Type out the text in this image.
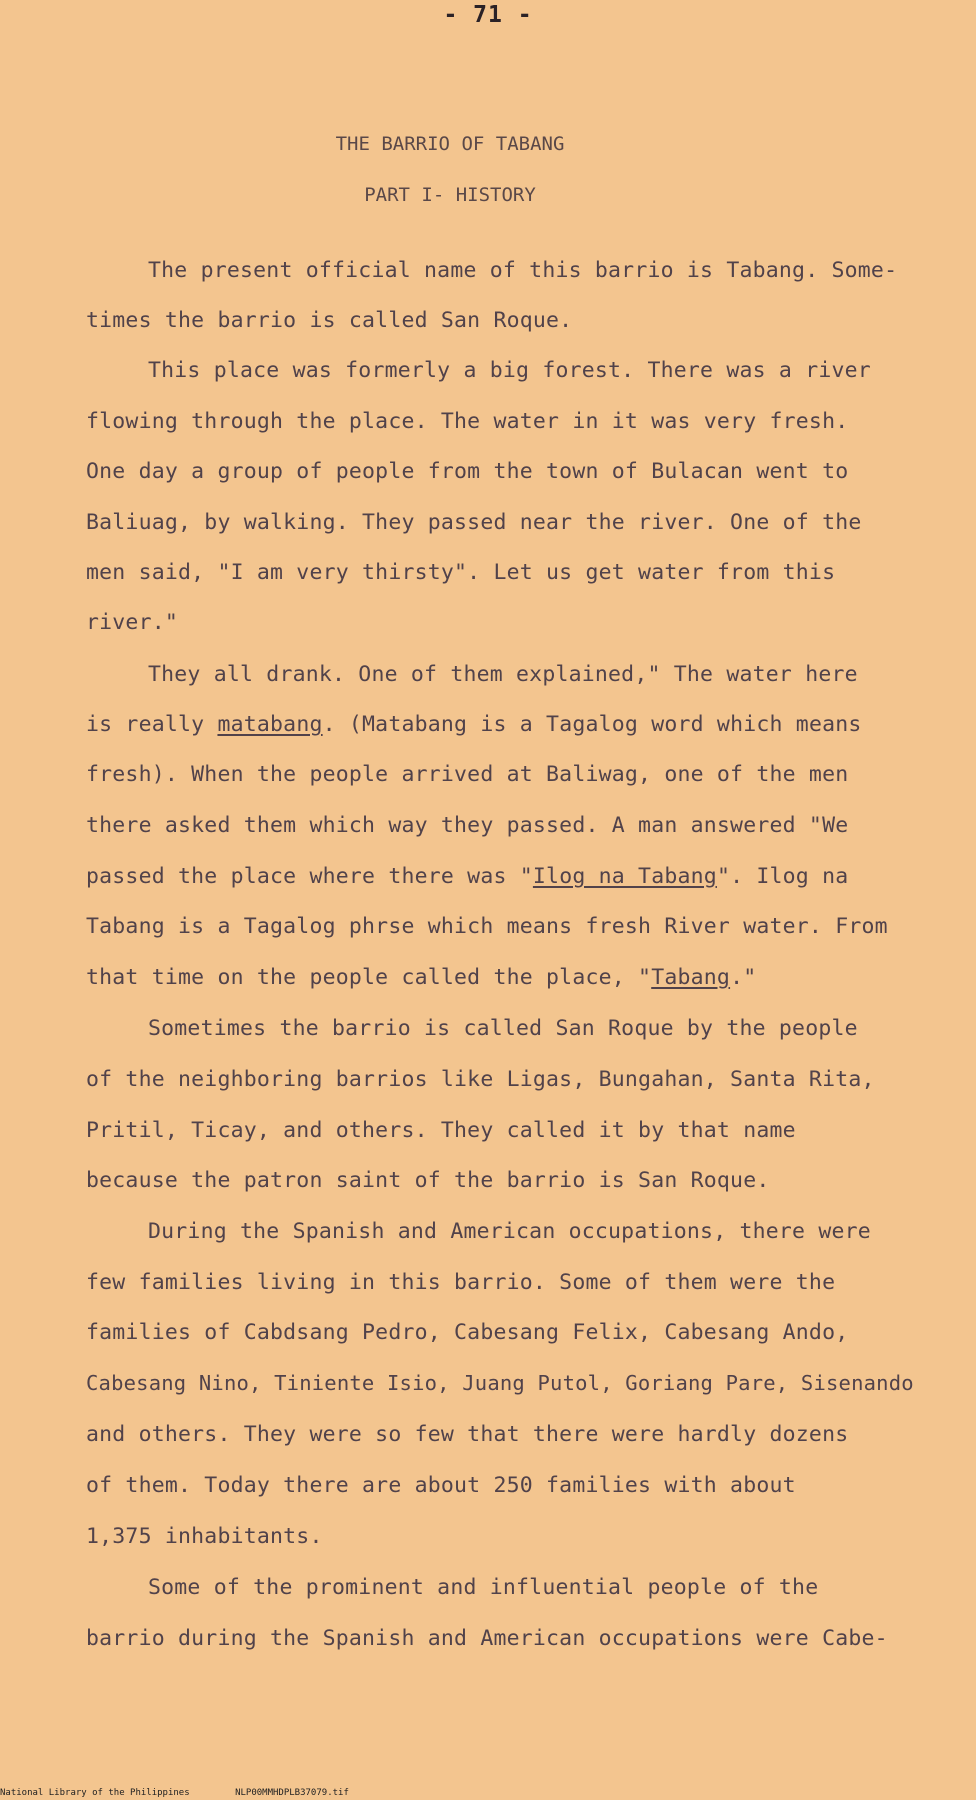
- 71 -
THE BARRIO OF TABANG
PART I- HISTORY
The present official name of this barrio is Tabang. Some-
times the barrio is called San Roque.
This place was formerly a big forest. There was a river
flowing through the place. The water in it was very fresh.
One day a group of people from the town of Bulacan went to
Baliuag, by walking. They passed near the river. One of the
men said, "I am very thirsty". Let us get water from this
river."
They all drank. One of them explained," The water here
is really matabang. (Matabang is a Tagalog word which means
fresh). When the people arrived at Baliwag, one of the men
there asked them which way they passed. A man answered "We
passed the place where there was "Ilog na Tabang". Ilog na
Tabang is a Tagalog phrse which means fresh River water. From
that time on the people called the place, "Tabang."
Sometimes the barrio is called San Roque by the people
of the neighboring barrios like Ligas, Bungahan, Santa Rita,
Pritil, Ticay, and others. They called it by that name
because the patron saint of the barrio is San Roque.
During the Spanish and American occupations, there were
few families living in this barrio. Some of them were the
families of Cabdsang Pedro, Cabesang Felix, Cabesang Ando,
Cabesang Nino, Tiniente Isio, Juang Putol, Goriang Pare, Sisenando
and others. They were so few that there were hardly dozens
of them. Today there are about 250 families with about
1,375 inhabitants.
Some of the prominent and influential people of the
barrio during the Spanish and American occupations were Cabe-
National Library of the Philippines	NLP00MMHDPLB37079.tif
